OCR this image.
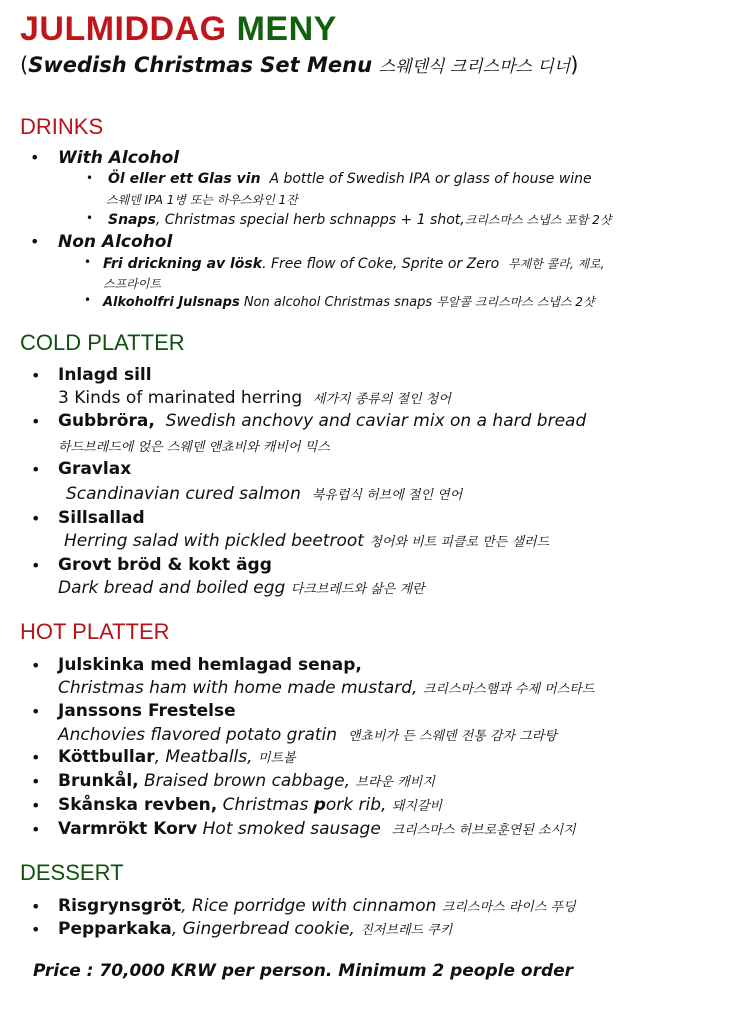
JULMIDDAG MENY
(Swedish Christmas Set Menu 스웨덴식 크리스마스 디너)
DRINKS
• With Alcohol
• Öl eller ett Glas vin A bottle of Swedish IPA or glass of house wine
스웨덴 IPA 1병 또는 하우스와인 1잔
• Snaps, Christmas special herb schnapps + 1 shot,크리스마스 스냅스 포함 2샷
• Non Alcohol
• Fri drickning av lösk. Free flow of Coke, Sprite or Zero 무제한 콜라, 제로,
스프라이트
• Alkoholfri Julsnaps Non alcohol Christmas snaps 무알콜 크리스마스 스냅스 2샷
COLD PLATTER
• Inlagd sill
3 Kinds of marinated herring 세가지 종류의 절인 청어
• Gubbröra, Swedish anchovy and caviar mix on a hard bread
하드브레드에 얹은 스웨덴 앤쵸비와 캐비어 믹스
• Gravlax
Scandinavian cured salmon 북유럽식 허브에 절인 연어
• Sillsallad
Herring salad with pickled beetroot 청어와 비트 피클로 만든 샐러드
• Grovt bröd & kokt ägg
Dark bread and boiled egg 다크브레드와 삶은 계란
HOT PLATTER
• Julskinka med hemlagad senap,
Christmas ham with home made mustard, 크리스마스햄과 수제 머스타드
• Janssons Frestelse
Anchovies flavored potato gratin 앤쵸비가 든 스웨덴 전통 감자 그라탕
• Köttbullar, Meatballs, 미트볼
• Brunkål, Braised brown cabbage, 브라운 캐비지
• Skånska revben, Christmas pork rib, 돼지갈비
• Varmrökt Korv Hot smoked sausage 크리스마스 허브로훈연된 소시지
DESSERT
• Risgrynsgröt, Rice porridge with cinnamon 크리스마스 라이스 푸딩
• Pepparkaka, Gingerbread cookie, 진저브레드 쿠키
Price : 70,000 KRW per person. Minimum 2 people order
